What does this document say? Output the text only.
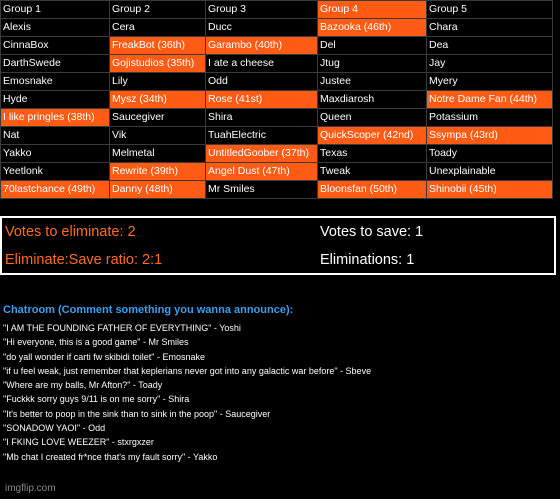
Group 1	Group 2	Group 3	Group 4	Group 5
Alexis	Cera	Ducc	Bazooka (46th)	Chara
CinnaBox	FreakBot (36th)	Garambo (40th)	Del	Dea
DarthSwede	Gojistudios (35th)	I ate a cheese	Jtug	Jay
Emosnake	Lily	Odd	Justee	Myery
Hyde	Mysz (34th)	Rose (41st)	Maxdiarosh	Notre Dame Fan (44th)
I like pringles (38th)	Saucegiver	Shira	Queen	Potassium
Nat	Vik	TuahElectric	QuickScoper (42nd)	Ssympa (43rd)
Yakko	Melmetal	UntitledGoober (37th)	Texas	Toady
Yeetlonk	Rewrite (39th)	Angel Dust (47th)	Tweak	Unexplainable
70lastchance (49th)	Danny (48th)	Mr Smiles	Bloonsfan (50th)	Shinobii (45th)
Votes to eliminate: 2	Votes to save: 1
Eliminate:Save ratio: 2:1	Eliminations: 1
Chatroom (Comment something you wanna announce):
"I AM THE FOUNDING FATHER OF EVERYTHING" - Yoshi
"Hi everyone, this is a good game" - Mr Smiles
"do yall wonder if carti fw skibidi toilet" - Emosnake
"if u feel weak, just remember that keplerians never got into any galactic war before" - Sbeve
"Where are my balls, Mr Afton?" - Toady
"Fuckkk sorry guys 9/11 is on me sorry" - Shira
"It's better to poop in the sink than to sink in the poop" - Saucegiver
"SONADOW YAOI" - Odd
"I FKING LOVE WEEZER" - stxrgxzer
"Mb chat I created fr*nce that's my fault sorry" - Yakko
imgflip.com
